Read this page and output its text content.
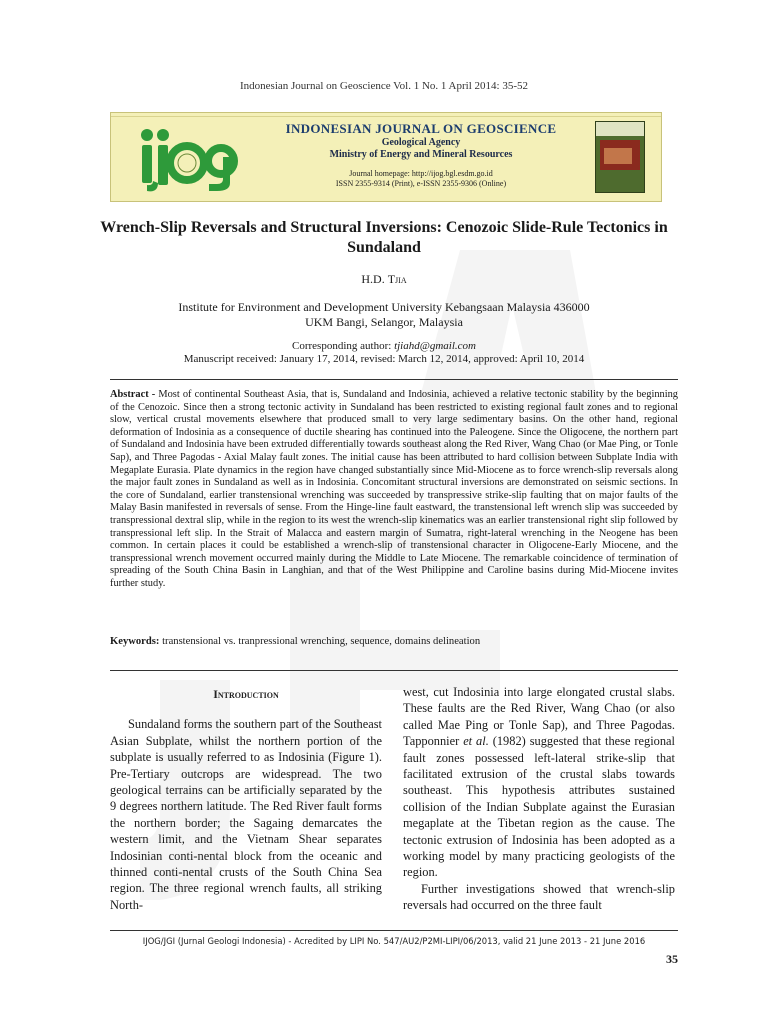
Indonesian Journal on Geoscience Vol. 1 No. 1 April 2014: 35-52
INDONESIAN JOURNAL ON GEOSCIENCE
Geological Agency
Ministry of Energy and Mineral Resources
Journal homepage: http://ijog.bgl.esdm.go.id
ISSN 2355-9314 (Print), e-ISSN 2355-9306 (Online)
Wrench-Slip Reversals and Structural Inversions: Cenozoic Slide-Rule Tectonics in Sundaland
H.D. Tjia
Institute for Environment and Development University Kebangsaan Malaysia 436000
UKM Bangi, Selangor, Malaysia
Corresponding author: tjiahd@gmail.com
Manuscript received: January 17, 2014, revised: March 12, 2014, approved: April 10, 2014
Abstract - Most of continental Southeast Asia, that is, Sundaland and Indosinia, achieved a relative tectonic stability by the beginning of the Cenozoic. Since then a strong tectonic activity in Sundaland has been restricted to existing regional fault zones and to regional slow, vertical crustal movements elsewhere that produced small to very large sedimentary basins. On the other hand, regional deformation of Indosinia as a consequence of ductile shearing has continued into the Paleogene. Since the Oligocene, the northern part of Sundaland and Indosinia have been extruded differentially towards southeast along the Red River, Wang Chao (or Mae Ping, or Tonle Sap), and Three Pagodas - Axial Malay fault zones. The initial cause has been attributed to hard collision between Subplate India with Megaplate Eurasia. Plate dynamics in the region have changed substantially since Mid-Miocene as to force wrench-slip reversals along the major fault zones in Sundaland as well as in Indosinia. Concomitant structural inversions are demonstrated on seismic sections. In the core of Sundaland, earlier transtensional wrenching was succeeded by transpressive strike-slip faulting that on major faults of the Malay Basin manifested in reversals of sense. From the Hinge-line fault eastward, the transtensional left wrench slip was succeeded by transpressional dextral slip, while in the region to its west the wrench-slip kinematics was an earlier transtensional right slip followed by transpressional left slip. In the Strait of Malacca and eastern margin of Sumatra, right-lateral wrenching in the Neogene has been common. In certain places it could be established a wrench-slip of transtensional character in Oligocene-Early Miocene, and the transpressional wrench movement occurred mainly during the Middle to Late Miocene. The remarkable coincidence of termination of spreading of the South China Basin in Langhian, and that of the West Philippine and Caroline basins during Mid-Miocene invites further study.
Keywords: transtensional vs. tranpressional wrenching, sequence, domains delineation
Introduction

Sundaland forms the southern part of the Southeast Asian Subplate, whilst the northern portion of the subplate is usually referred to as Indosinia (Figure 1). Pre-Tertiary outcrops are widespread. The two geological terrains can be artificially separated by the 9 degrees northern latitude. The Red River fault forms the northern border; the Sagaing demarcates the western limit, and the Vietnam Shear separates Indosinian conti-nental block from the oceanic and thinned conti-nental crusts of the South China Sea region. The three regional wrench faults, all striking North-

west, cut Indosinia into large elongated crustal slabs. These faults are the Red River, Wang Chao (or also called Mae Ping or Tonle Sap), and Three Pagodas. Tapponnier et al. (1982) suggested that these regional fault zones possessed left-lateral strike-slip that facilitated extrusion of the crustal slabs towards southeast. This hypothesis attributes sustained collision of the Indian Subplate against the Eurasian megaplate at the Tibetan region as the cause. The tectonic extrusion of Indosinia has been adopted as a working model by many practicing geologists of the region.

Further investigations showed that wrench-slip reversals had occurred on the three fault

IJOG/JGI (Jurnal Geologi Indonesia) - Acredited by LIPI No. 547/AU2/P2MI-LIPI/06/2013, valid 21 June 2013 - 21 June 2016
35
